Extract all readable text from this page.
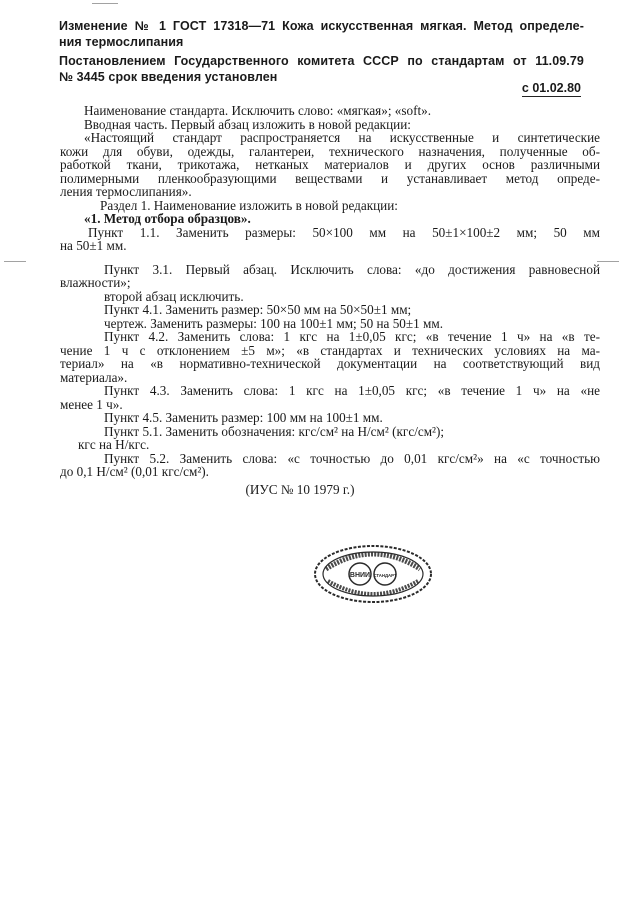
Изменение № 1 ГОСТ 17318—71 Кожа искусственная мягкая. Метод определе-
ния термослипания
Постановлением Государственного комитета СССР по стандартам от 11.09.79
№ 3445 срок введения установлен
с 01.02.80
Наименование стандарта. Исключить слово: «мягкая»; «soft».
Вводная часть. Первый абзац изложить в новой редакции:
«Настоящий стандарт распространяется на искусственные и синтетические
кожи для обуви, одежды, галантереи, технического назначения, полученные об-
работкой ткани, трикотажа, нетканых материалов и других основ различными
полимерными пленкообразующими веществами и устанавливает метод опреде-
ления термослипания».
Раздел 1. Наименование изложить в новой редакции:
«1. Метод отбора образцов».
Пункт 1.1. Заменить размеры: 50×100 мм на 50±1×100±2 мм; 50 мм
на 50±1 мм.
Пункт 3.1. Первый абзац. Исключить слова: «до достижения равновесной
влажности»;
второй абзац исключить.
Пункт 4.1. Заменить размер: 50×50 мм на 50×50±1 мм;
чертеж. Заменить размеры: 100 на 100±1 мм; 50 на 50±1 мм.
Пункт 4.2. Заменить слова: 1 кгс на 1±0,05 кгс; «в течение 1 ч» на «в те-
чение 1 ч с отклонением ±5 м»; «в стандартах и технических условиях на ма-
териал» на «в нормативно-технической документации на соответствующий вид
материала».
Пункт 4.3. Заменить слова: 1 кгс на 1±0,05 кгс; «в течение 1 ч» на «не
менее 1 ч».
Пункт 4.5. Заменить размер: 100 мм на 100±1 мм.
Пункт 5.1. Заменить обозначения: кгс/см² на Н/см² (кгс/см²);
кгс на Н/кгс.
Пункт 5.2. Заменить слова: «с точностью до 0,01 кгс/см²» на «с точностью
до 0,1 Н/см² (0,01 кгс/см²).
(ИУС № 10 1979 г.)
ВНИИ СТАНДАРТ
